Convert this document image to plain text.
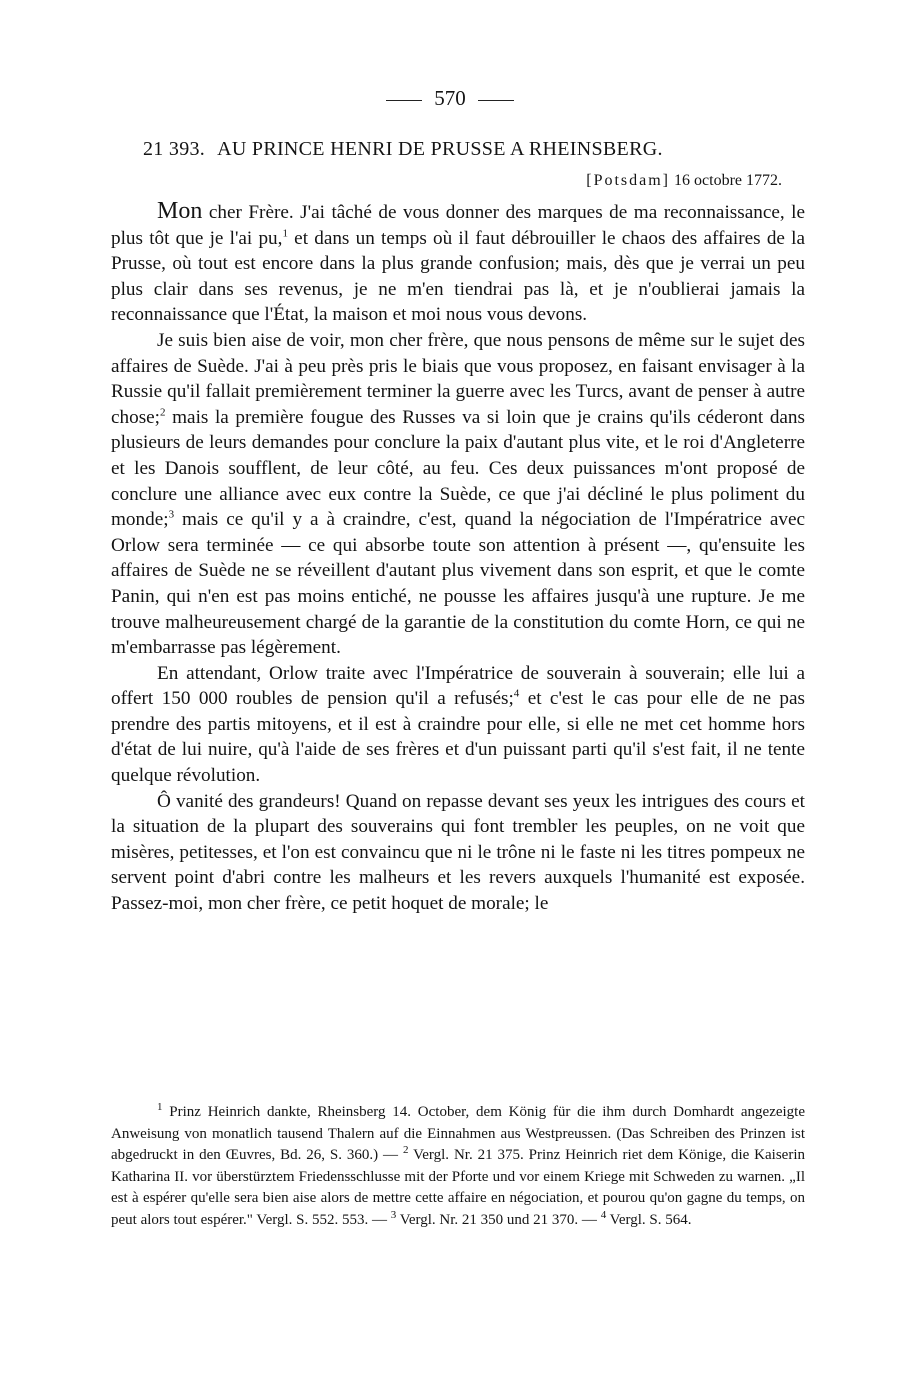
570
21 393. AU PRINCE HENRI DE PRUSSE A RHEINSBERG.
[Potsdam] 16 octobre 1772.

Mon cher Frère. J'ai tâché de vous donner des marques de ma reconnaissance, le plus tôt que je l'ai pu,$^1$ et dans un temps où il faut débrouiller le chaos des affaires de la Prusse, où tout est encore dans la plus grande confusion; mais, dès que je verrai un peu plus clair dans ses revenus, je ne m'en tiendrai pas là, et je n'oublierai jamais la reconnaissance que l'État, la maison et moi nous vous devons.

Je suis bien aise de voir, mon cher frère, que nous pensons de même sur le sujet des affaires de Suède. J'ai à peu près pris le biais que vous proposez, en faisant envisager à la Russie qu'il fallait premièrement terminer la guerre avec les Turcs, avant de penser à autre chose;$^2$ mais la première fougue des Russes va si loin que je crains qu'ils céderont dans plusieurs de leurs demandes pour conclure la paix d'autant plus vite, et le roi d'Angleterre et les Danois soufflent, de leur côté, au feu. Ces deux puissances m'ont proposé de conclure une alliance avec eux contre la Suède, ce que j'ai décliné le plus poliment du monde;$^3$ mais ce qu'il y a à craindre, c'est, quand la négociation de l'Impératrice avec Orlow sera terminée — ce qui absorbe toute son attention à présent —, qu'ensuite les affaires de Suède ne se réveillent d'autant plus vivement dans son esprit, et que le comte Panin, qui n'en est pas moins entiché, ne pousse les affaires jusqu'à une rupture. Je me trouve malheureusement chargé de la garantie de la constitution du comte Horn, ce qui ne m'embarrasse pas légèrement.

En attendant, Orlow traite avec l'Impératrice de souverain à souverain; elle lui a offert 150 000 roubles de pension qu'il a refusés;$^4$ et c'est le cas pour elle de ne pas prendre des partis mitoyens, et il est à craindre pour elle, si elle ne met cet homme hors d'état de lui nuire, qu'à l'aide de ses frères et d'un puissant parti qu'il s'est fait, il ne tente quelque révolution.

Ô vanité des grandeurs! Quand on repasse devant ses yeux les intrigues des cours et la situation de la plupart des souverains qui font trembler les peuples, on ne voit que misères, petitesses, et l'on est convaincu que ni le trône ni le faste ni les titres pompeux ne servent point d'abri contre les malheurs et les revers auxquels l'humanité est exposée. Passez-moi, mon cher frère, ce petit hoquet de morale; le

$^1$ Prinz Heinrich dankte, Rheinsberg 14. October, dem König für die ihm durch Domhardt angezeigte Anweisung von monatlich tausend Thalern auf die Einnahmen aus Westpreussen. (Das Schreiben des Prinzen ist abgedruckt in den Œuvres, Bd. 26, S. 360.) — $^2$ Vergl. Nr. 21 375. Prinz Heinrich riet dem Könige, die Kaiserin Katharina II. vor überstürztem Friedensschlusse mit der Pforte und vor einem Kriege mit Schweden zu warnen. „Il est à espérer qu'elle sera bien aise alors de mettre cette affaire en négociation, et pourou qu'on gagne du temps, on peut alors tout espérer." Vergl. S. 552. 553. — $^3$ Vergl. Nr. 21 350 und 21 370. — $^4$ Vergl. S. 564.
